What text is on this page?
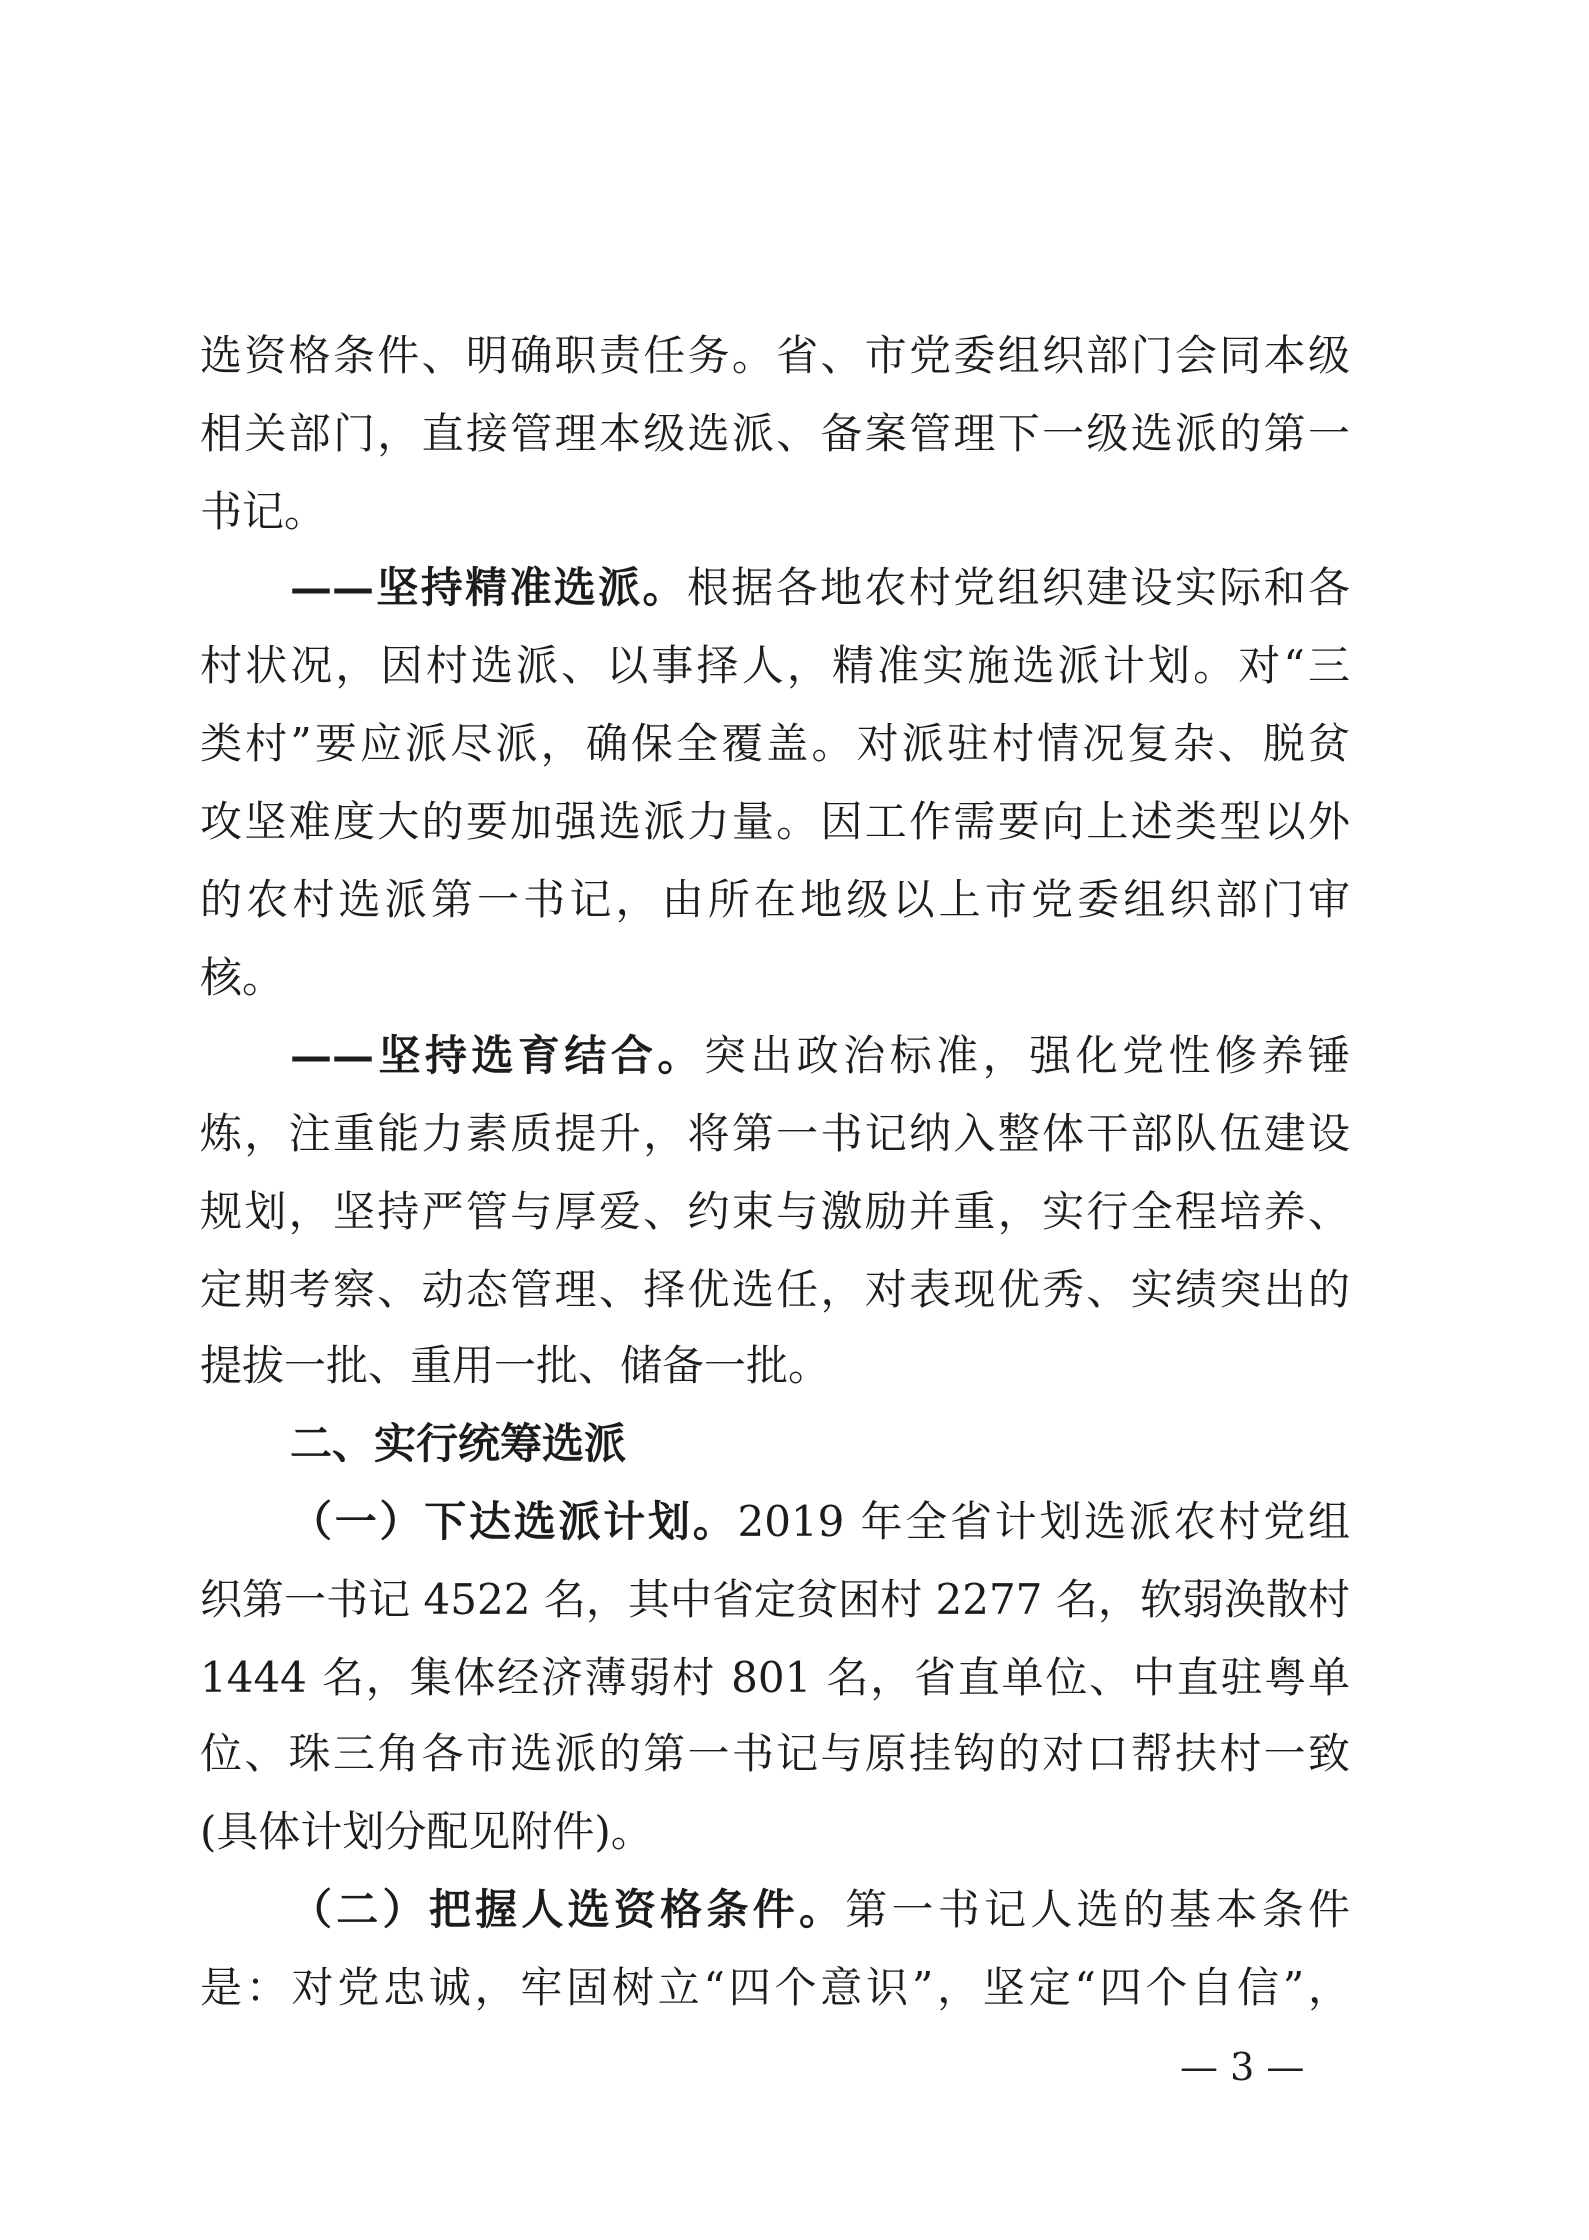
选资格条件、明确职责任务。省、市党委组织部门会同本级
相关部门，直接管理本级选派、备案管理下一级选派的第一
书记。
——坚持精准选派。根据各地农村党组织建设实际和各
村状况，因村选派、以事择人，精准实施选派计划。对“三
类村”要应派尽派，确保全覆盖。对派驻村情况复杂、脱贫
攻坚难度大的要加强选派力量。因工作需要向上述类型以外
的农村选派第一书记，由所在地级以上市党委组织部门审
核。
——坚持选育结合。突出政治标准，强化党性修养锤
炼，注重能力素质提升，将第一书记纳入整体干部队伍建设
规划，坚持严管与厚爱、约束与激励并重，实行全程培养、
定期考察、动态管理、择优选任，对表现优秀、实绩突出的
提拔一批、重用一批、储备一批。
二、实行统筹选派
（一）下达选派计划。2019 年全省计划选派农村党组
织第一书记 4522 名，其中省定贫困村 2277 名，软弱涣散村
1444 名，集体经济薄弱村 801 名，省直单位、中直驻粤单
位、珠三角各市选派的第一书记与原挂钩的对口帮扶村一致
(具体计划分配见附件)。
（二）把握人选资格条件。第一书记人选的基本条件
是：对党忠诚，牢固树立“四个意识”，坚定“四个自信”，
— 3 —
